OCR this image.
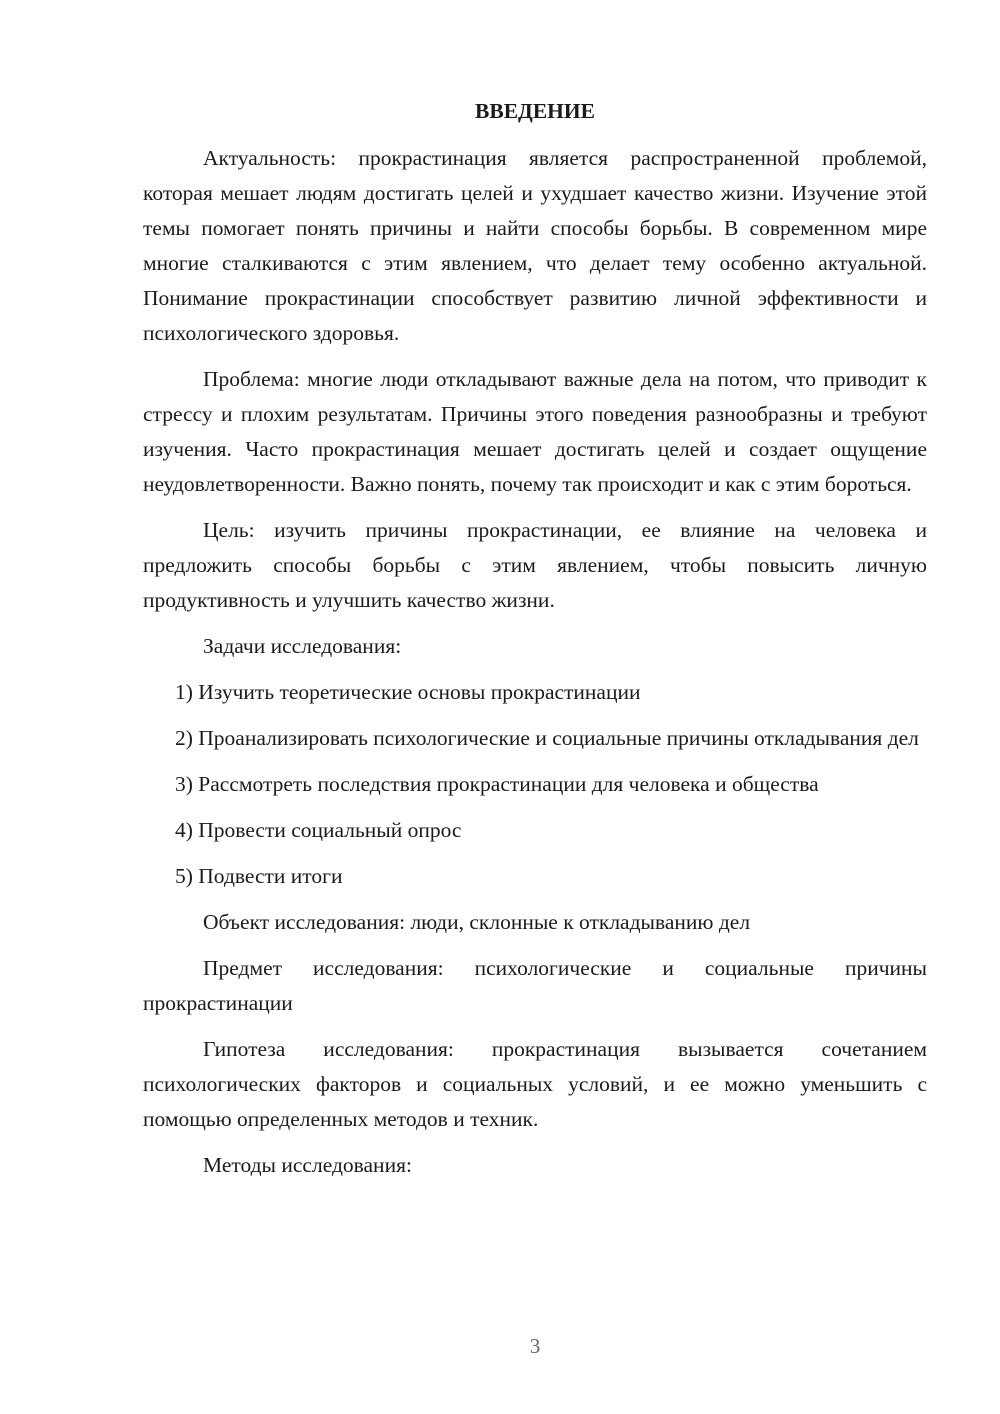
ВВЕДЕНИЕ

Актуальность: прокрастинация является распространенной проблемой, которая мешает людям достигать целей и ухудшает качество жизни. Изучение этой темы помогает понять причины и найти способы борьбы. В современном мире многие сталкиваются с этим явлением, что делает тему особенно актуальной. Понимание прокрастинации способствует развитию личной эффективности и психологического здоровья.

Проблема: многие люди откладывают важные дела на потом, что приводит к стрессу и плохим результатам. Причины этого поведения разнообразны и требуют изучения. Часто прокрастинация мешает достигать целей и создает ощущение неудовлетворенности. Важно понять, почему так происходит и как с этим бороться.

Цель: изучить причины прокрастинации, ее влияние на человека и предложить способы борьбы с этим явлением, чтобы повысить личную продуктивность и улучшить качество жизни.

Задачи исследования:

1) Изучить теоретические основы прокрастинации

2) Проанализировать психологические и социальные причины откладывания дел

3) Рассмотреть последствия прокрастинации для человека и общества

4) Провести социальный опрос

5) Подвести итоги

Объект исследования: люди, склонные к откладыванию дел

Предмет исследования: психологические и социальные причины прокрастинации

Гипотеза исследования: прокрастинация вызывается сочетанием психологических факторов и социальных условий, и ее можно уменьшить с помощью определенных методов и техник.

Методы исследования:

3
